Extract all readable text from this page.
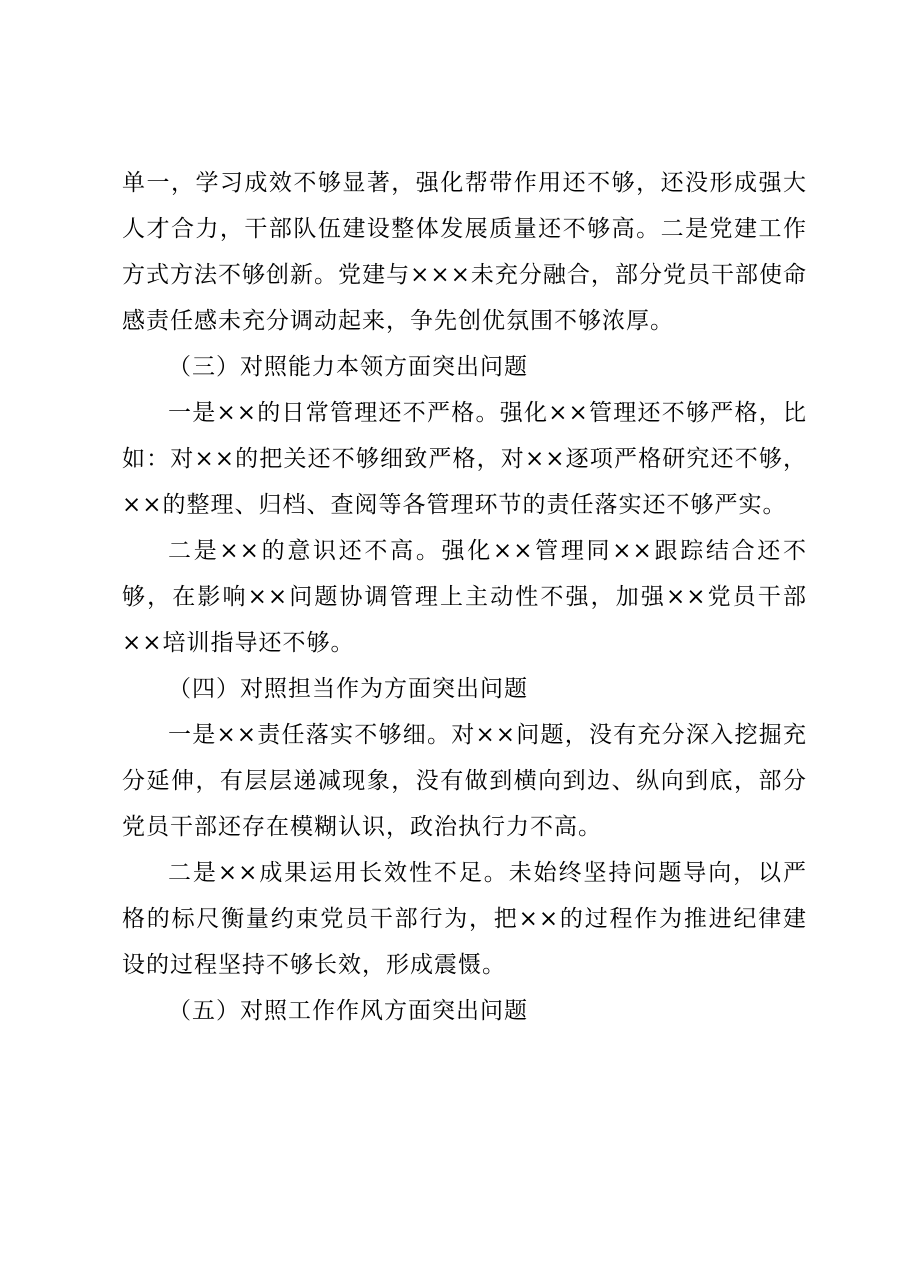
单一，学习成效不够显著，强化帮带作用还不够，还没形成强大人才合力，干部队伍建设整体发展质量还不够高。二是党建工作方式方法不够创新。党建与×××未充分融合，部分党员干部使命感责任感未充分调动起来，争先创优氛围不够浓厚。

（三）对照能力本领方面突出问题

一是××的日常管理还不严格。强化××管理还不够严格，比如：对××的把关还不够细致严格，对××逐项严格研究还不够，××的整理、归档、查阅等各管理环节的责任落实还不够严实。

二是××的意识还不高。强化××管理同××跟踪结合还不够，在影响××问题协调管理上主动性不强，加强××党员干部××培训指导还不够。

（四）对照担当作为方面突出问题

一是××责任落实不够细。对××问题，没有充分深入挖掘充分延伸，有层层递减现象，没有做到横向到边、纵向到底，部分党员干部还存在模糊认识，政治执行力不高。

二是××成果运用长效性不足。未始终坚持问题导向，以严格的标尺衡量约束党员干部行为，把××的过程作为推进纪律建设的过程坚持不够长效，形成震慑。

（五）对照工作作风方面突出问题
